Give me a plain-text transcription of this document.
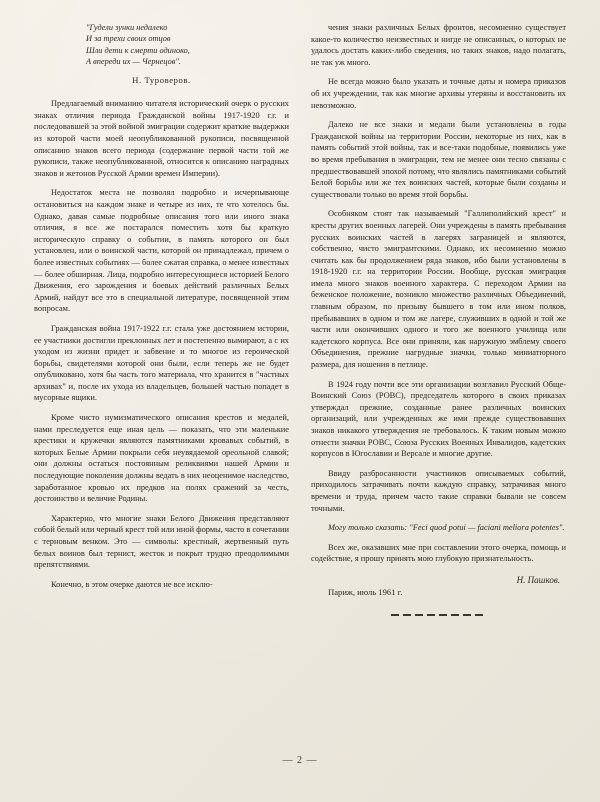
"Гудели зунки недалеко
И за трехи своих отцов
Шли дети к смерти одиноко,
А впереди их — Чернецов".
Н. Туроверов.

Предлагаемый вниманию читателя исторический очерк о русских знаках отличия периода Гражданской войны 1917-1920 г.г. и последовавшей за этой войной эмиграции содержит краткие выдержки из которой части моей неопубликованной рукописи, посвященной описанию знаков всего периода (содержание первой части той же рукописи, также неопубликованной, относится к описанию наградных знаков и жетонов Русской Армии времен Империи).

Недостаток места не позволял подробно и исчерпывающе остановиться на каждом знаке и четыре из них, те что хотелось бы. Однако, давая самые подробные описания того или иного знака отличия, я все же постарался поместить хотя бы краткую историческую справку о событии, в память которого он был установлен, или о воинской части, которой он принадлежал, причем о более известных событиях — более сжатая справка, о менее известных — более обширная. Лица, подробно интересующиеся историей Белого Движения, его зарождения и боевых действий различных Белых Армий, найдут все это в специальной литературе, посвященной этим вопросам.

Гражданская война 1917-1922 г.г. стала уже достоянием истории, ее участники достигли преклонных лет и постепенно вымирают, а с их уходом из жизни придет и забвение и то многое из героической борьбы, свидетелями которой они были, если теперь же не будет опубликовано, хотя бы часть того материала, что хранится в "частных архивах" и, после их ухода из владельцев, большей частью попадет в мусорные ящики.

Кроме чисто нумизматического описания крестов и медалей, нами преследуется еще иная цель — показать, что эти маленькие крестики и кружечки являются памятниками кровавых событий, в которых Белые Армии покрыли себя неувядаемой ореольной славой; они должны остаться постоянным реликвиями нашей Армии и последующие поколения должны ведать в них неоценимое наследство, заработанное кровью их предков на полях сражений за честь, достоинство и величие Родины.

Характерно, что многие знаки Белого Движения представляют собой белый или черный крест той или иной формы, часто в сочетании с терновым венком. Это — символы: крестный, жертвенный путь белых воинов был тернист, жесток и покрыт трудно преодолимыми препятствиями.

Конечно, в этом очерке даются не все исклю-

чения знаки различных Белых фронтов, несомненно существует какое-то количество неизвестных и нигде не описанных, о которых не удалось достать каких-либо сведения, но таких знаков, надо полагать, не так уж много.

Не всегда можно было указать и точные даты и номера приказов об их учреждении, так как многие архивы утеряны и восстановить их невозможно.

Далеко не все знаки и медали были установлены в годы Гражданской войны на территории России, некоторые из них, как в память событий этой войны, так и все-таки подобные, появились уже во время пребывания в эмиграции, тем не менее они тесно связаны с предшествовавшей эпохой потому, что являлись памятниками событий Белой борьбы или же тех воинских частей, которые были созданы и существовали только во время этой борьбы.

Особняком стоят так называемый "Галлиполийский крест" и кресты других военных лагерей. Они учреждены в память пребывания русских воинских частей в лагерях заграницей и являются, собственно, чисто эмигрантскими. Однако, их несомненно можно считать как бы продолжением ряда знаков, ибо были установлены в 1918-1920 г.г. на территории России. Вообще, русская эмиграция имела много знаков военного характера. С переходом Армии на беженское положение, возникло множество различных Объединений, главным образом, по призыву бывшего в том или ином полков, пребывавших в одном и том же лагере, служивших в одной и той же части или окончивших одного и того же военного училища или кадетского корпуса. Все они приняли, как наружную эмблему своего Объединения, прежние нагрудные значки, только миниатюрного размера, для ношения в петлице.

В 1924 году почти все эти организации возглавил Русский Обще-Воинский Союз (РОВС), председатель которого в своих приказах утверждал прежние, созданные ранее различных воинских организаций, или учрежденных же ими прежде существовавших знаков никакого утверждения не требовалось. К таким новым можно отнести значки РОВС, Союза Русских Военных Инвалидов, кадетских корпусов в Югославии и Версале и многие другие.

Ввиду разбросанности участников описываемых событий, приходилось затрачивать почти каждую справку, затрачивая много времени и труда, причем часто такие справки бывали не совсем точными.

Могу только сказать: "Feci quod potui — faciani meliora potentes".

Всех же, оказавших мне при составлении этого очерка, помощь и содействие, я прошу принять мою глубокую признательность.

Н. Пашков.

Париж, июль 1961 г.

— 2 —
